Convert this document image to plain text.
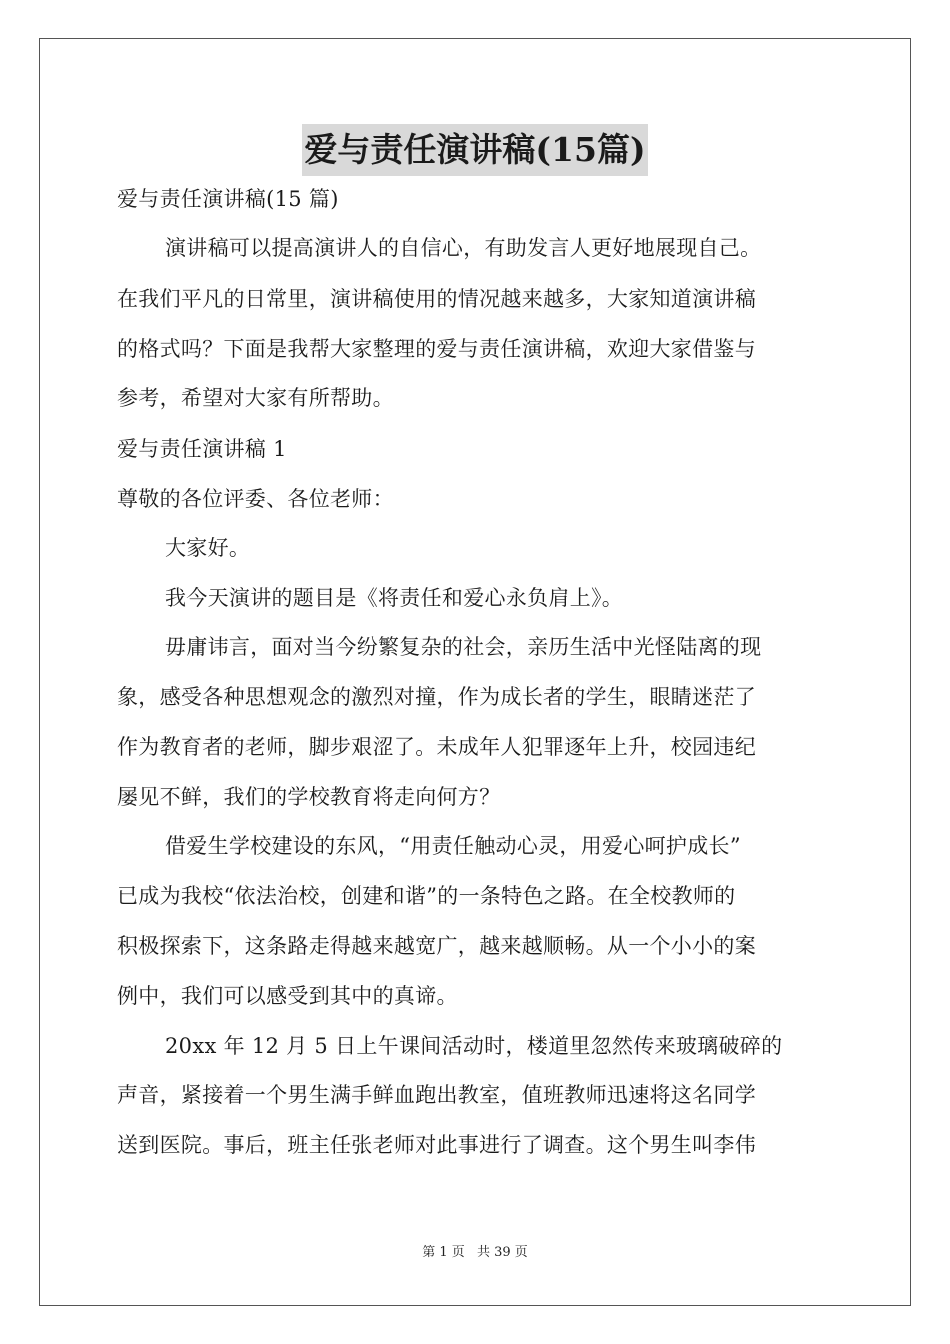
爱与责任演讲稿(15篇)
爱与责任演讲稿(15 篇)
演讲稿可以提高演讲人的自信心，有助发言人更好地展现自己。
在我们平凡的日常里，演讲稿使用的情况越来越多，大家知道演讲稿
的格式吗？下面是我帮大家整理的爱与责任演讲稿，欢迎大家借鉴与
参考，希望对大家有所帮助。
爱与责任演讲稿 1
尊敬的各位评委、各位老师：
大家好。
我今天演讲的题目是《将责任和爱心永负肩上》。
毋庸讳言，面对当今纷繁复杂的社会，亲历生活中光怪陆离的现
象，感受各种思想观念的激烈对撞，作为成长者的学生，眼睛迷茫了
作为教育者的老师，脚步艰涩了。未成年人犯罪逐年上升，校园违纪
屡见不鲜，我们的学校教育将走向何方？
借爱生学校建设的东风，“用责任触动心灵，用爱心呵护成长”
已成为我校“依法治校，创建和谐”的一条特色之路。在全校教师的
积极探索下，这条路走得越来越宽广，越来越顺畅。从一个小小的案
例中，我们可以感受到其中的真谛。
20xx 年 12 月 5 日上午课间活动时，楼道里忽然传来玻璃破碎的
声音，紧接着一个男生满手鲜血跑出教室，值班教师迅速将这名同学
送到医院。事后，班主任张老师对此事进行了调查。这个男生叫李伟
第 1 页 共 39 页
